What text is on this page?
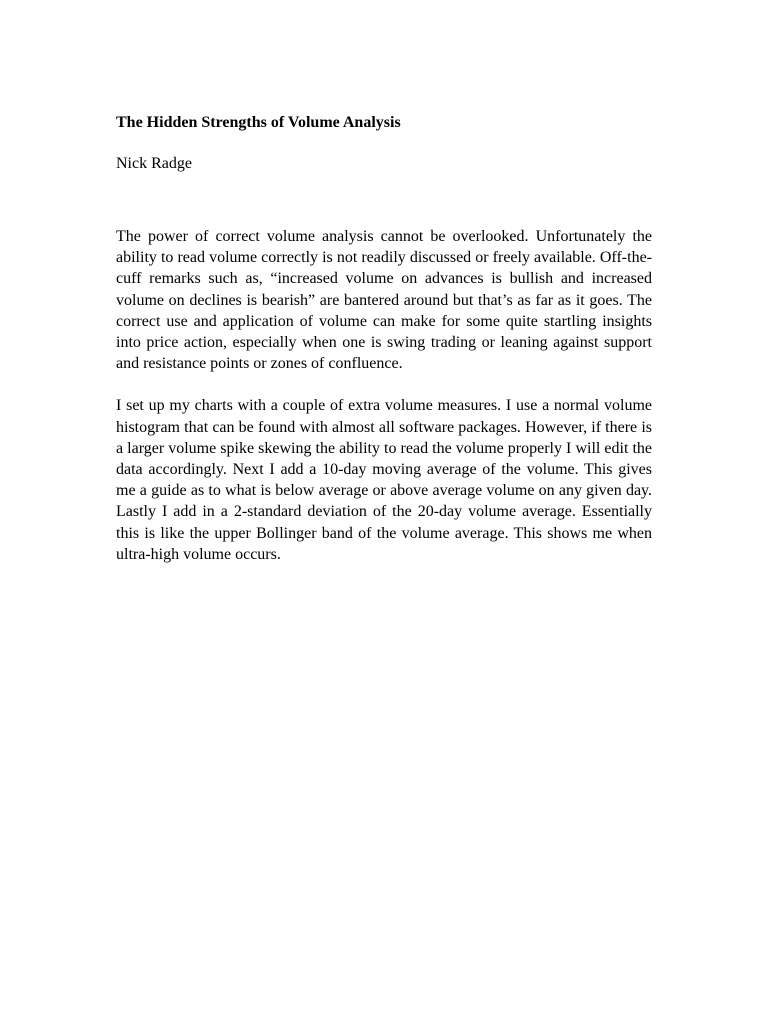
The Hidden Strengths of Volume Analysis

Nick Radge

The power of correct volume analysis cannot be overlooked. Unfortunately the ability to read volume correctly is not readily discussed or freely available. Off-the-cuff remarks such as, “increased volume on advances is bullish and increased volume on declines is bearish” are bantered around but that’s as far as it goes. The correct use and application of volume can make for some quite startling insights into price action, especially when one is swing trading or leaning against support and resistance points or zones of confluence.

I set up my charts with a couple of extra volume measures. I use a normal volume histogram that can be found with almost all software packages. However, if there is a larger volume spike skewing the ability to read the volume properly I will edit the data accordingly. Next I add a 10-day moving average of the volume. This gives me a guide as to what is below average or above average volume on any given day. Lastly I add in a 2-standard deviation of the 20-day volume average. Essentially this is like the upper Bollinger band of the volume average. This shows me when ultra-high volume occurs.
